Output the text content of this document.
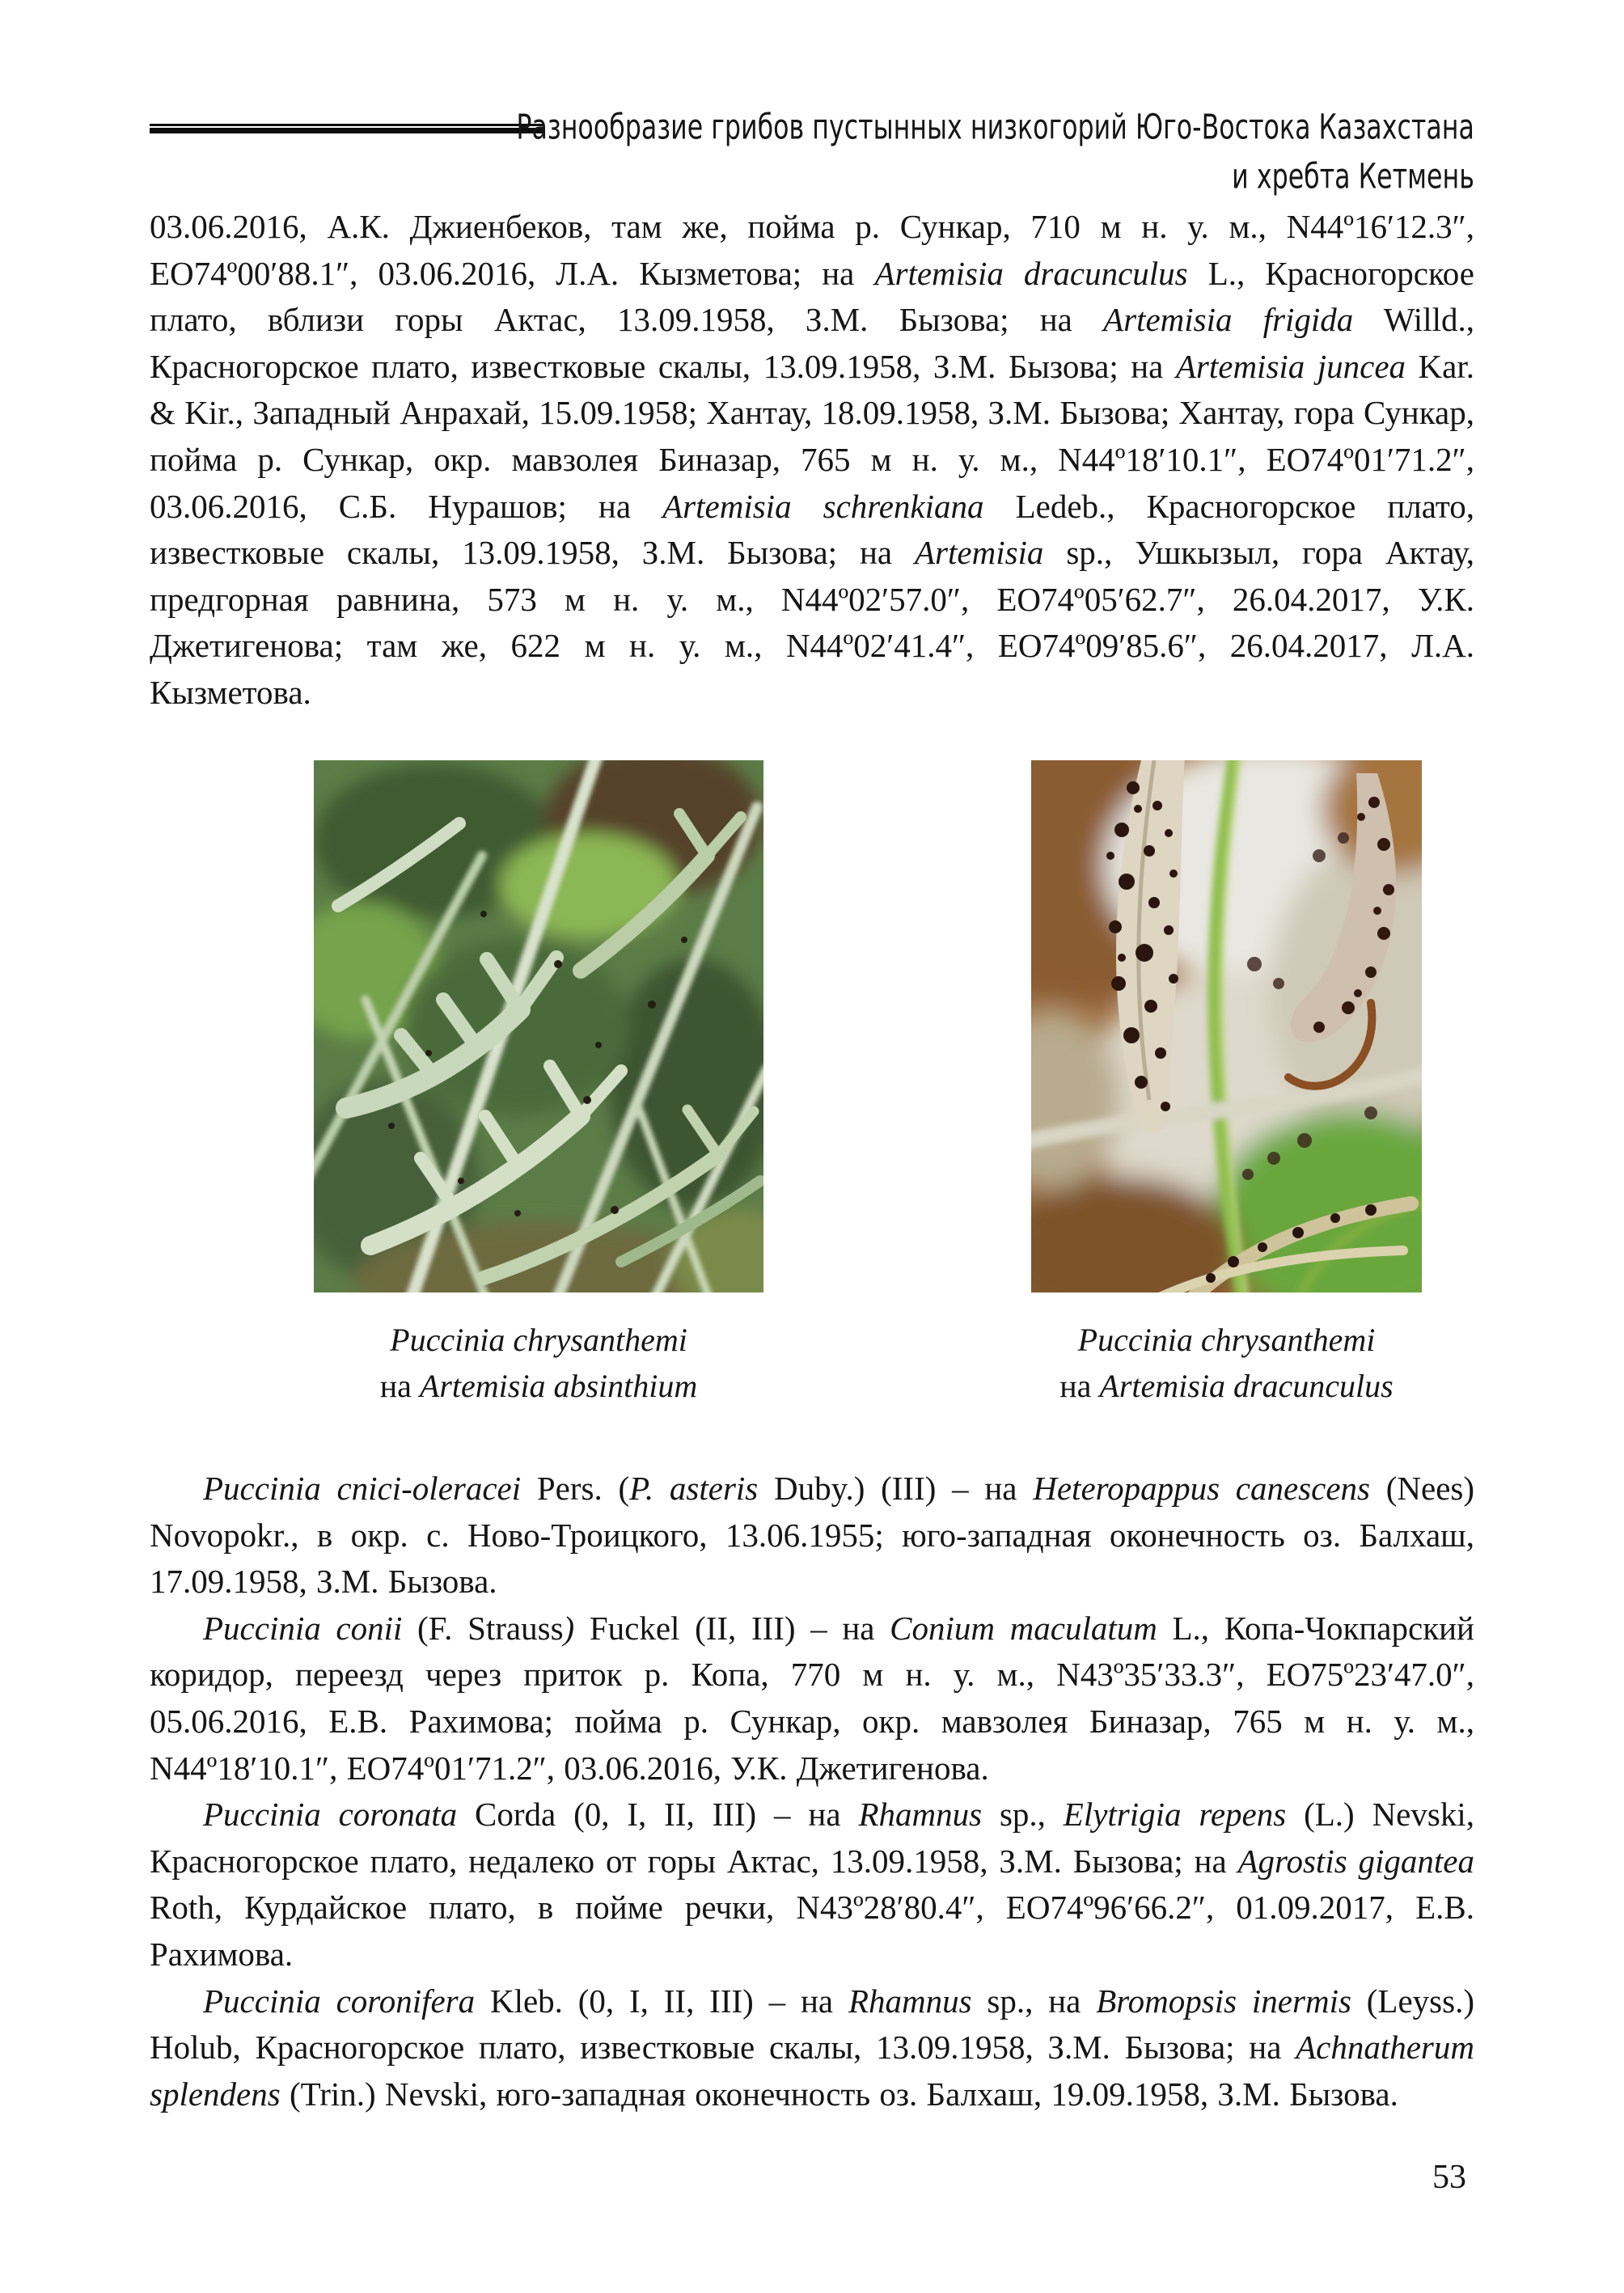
Разнообразие грибов пустынных низкогорий Юго-Востока Казахстана
и хребта Кетмень

03.06.2016, А.К. Джиенбеков, там же, пойма р. Сункар, 710 м н. у. м., N44º16′12.3″, ЕО74º00′88.1″, 03.06.2016, Л.А. Кызметова; на Artemisia dracunculus L., Красногорское плато, вблизи горы Актас, 13.09.1958, З.М. Бызова; на Artemisia frigida Willd., Красногорское плато, известковые скалы, 13.09.1958, З.М. Бызова; на Artemisia juncea Kar. & Kir., Западный Анрахай, 15.09.1958; Хантау, 18.09.1958, З.М. Бызова; Хантау, гора Сункар, пойма р. Сункар, окр. мавзолея Биназар, 765 м н. у. м., N44º18′10.1″, ЕО74º01′71.2″, 03.06.2016, С.Б. Нурашов; на Artemisia schrenkiana Ledeb., Красногорское плато, известковые скалы, 13.09.1958, З.М. Бызова; на Artemisia sp., Ушкызыл, гора Актау, предгорная равнина, 573 м н. у. м., N44º02′57.0″, ЕО74º05′62.7″, 26.04.2017, У.К. Джетигенова; там же, 622 м н. у. м., N44º02′41.4″, ЕО74º09′85.6″, 26.04.2017, Л.А. Кызметова.

Puccinia chrysanthemi
на Artemisia absinthium
Puccinia chrysanthemi
на Artemisia dracunculus

Puccinia cnici-oleracei Pers. (P. asteris Duby.) (III) – на Heteropappus canescens (Nees) Novopokr., в окр. с. Ново-Троицкого, 13.06.1955; юго-западная оконечность оз. Балхаш, 17.09.1958, З.М. Бызова.

Puccinia conii (F. Strauss) Fuckel (II, III) – на Conium maculatum L., Копа-Чокпарский коридор, переезд через приток р. Копа, 770 м н. у. м., N43º35′33.3″, ЕО75º23′47.0″, 05.06.2016, Е.В. Рахимова; пойма р. Сункар, окр. мавзолея Биназар, 765 м н. у. м., N44º18′10.1″, ЕО74º01′71.2″, 03.06.2016, У.К. Джетигенова.

Puccinia coronata Corda (0, I, II, III) – на Rhamnus sp., Elytrigia repens (L.) Nevski, Красногорское плато, недалеко от горы Актас, 13.09.1958, З.М. Бызова; на Agrostis gigantea Roth, Курдайское плато, в пойме речки, N43º28′80.4″, ЕО74º96′66.2″, 01.09.2017, Е.В. Рахимова.

Puccinia coronifera Kleb. (0, I, II, III) – на Rhamnus sp., на Bromopsis inermis (Leyss.) Holub, Красногорское плато, известковые скалы, 13.09.1958, З.М. Бызова; на Achnatherum splendens (Trin.) Nevski, юго-западная оконечность оз. Балхаш, 19.09.1958, З.М. Бызова.

53
